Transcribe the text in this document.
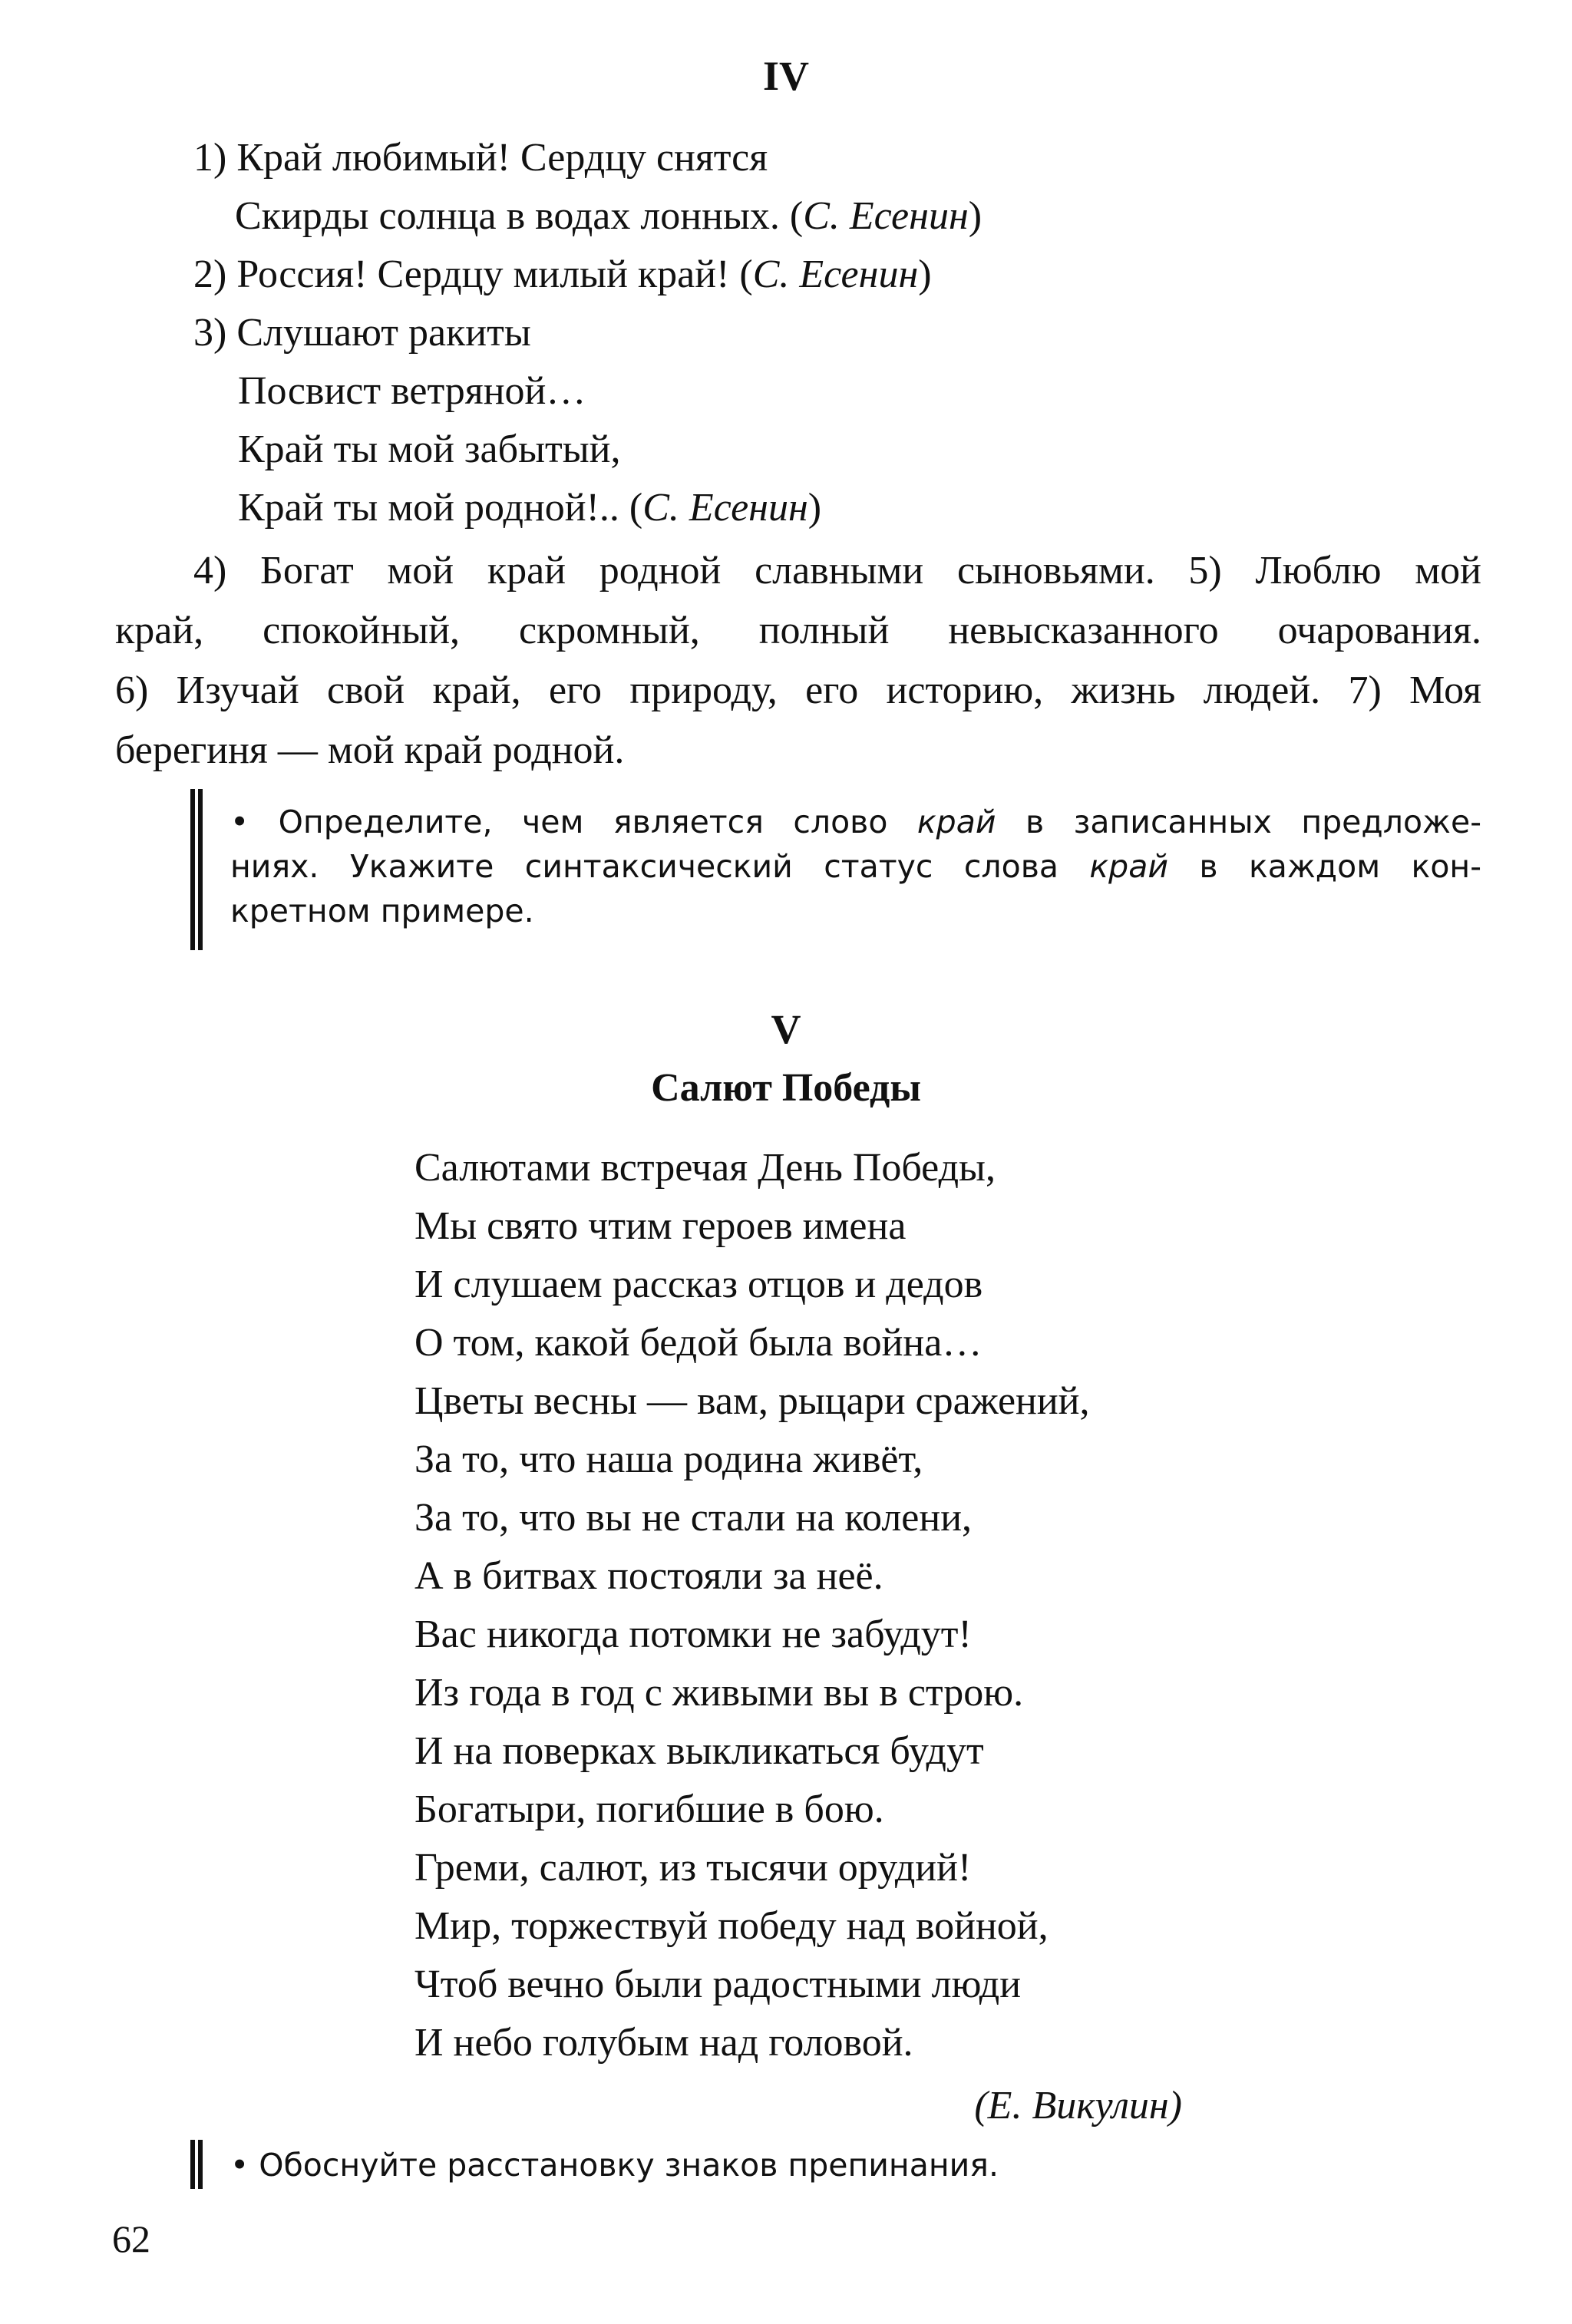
IV
1) Край любимый! Сердцу снятся
Скирды солнца в водах лонных. (С. Есенин)
2) Россия! Сердцу милый край! (С. Есенин)
3) Слушают ракиты
Посвист ветряной…
Край ты мой забытый,
Край ты мой родной!.. (С. Есенин)
4) Богат мой край родной славными сыновьями. 5) Люблю мой
край, спокойный, скромный, полный невысказанного очарования.
6) Изучай свой край, его природу, его историю, жизнь людей. 7) Моя
берегиня — мой край родной.
• Определите, чем является слово край в записанных предложе-
ниях. Укажите синтаксический статус слова край в каждом кон-
кретном примере.
V
Салют Победы
Салютами встречая День Победы,
Мы свято чтим героев имена
И слушаем рассказ отцов и дедов
О том, какой бедой была война…
Цветы весны — вам, рыцари сражений,
За то, что наша родина живёт,
За то, что вы не стали на колени,
А в битвах постояли за неё.
Вас никогда потомки не забудут!
Из года в год с живыми вы в строю.
И на поверках выкликаться будут
Богатыри, погибшие в бою.
Греми, салют, из тысячи орудий!
Мир, торжествуй победу над войной,
Чтоб вечно были радостными люди
И небо голубым над головой.
(Е. Викулин)
• Обоснуйте расстановку знаков препинания.
62
